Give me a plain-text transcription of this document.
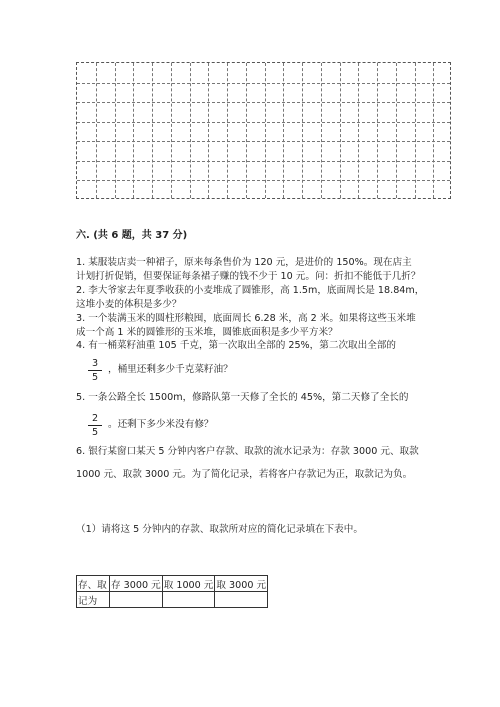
六. (共 6 题，共 37 分)
1. 某服装店卖一种裙子，原来每条售价为 120 元，是进价的 150%。现在店主
计划打折促销，但要保证每条裙子赚的钱不少于 10 元。问：折扣不能低于几折？
2. 李大爷家去年夏季收获的小麦堆成了圆锥形，高 1.5m，底面周长是 18.84m，
这堆小麦的体积是多少？
3. 一个装满玉米的圆柱形粮囤，底面周长 6.28 米，高 2 米。如果将这些玉米堆
成一个高 1 米的圆锥形的玉米堆，圆锥底面积是多少平方米？
4. 有一桶菜籽油重 105 千克，第一次取出全部的 25%，第二次取出全部的
3
5
，桶里还剩多少千克菜籽油？
5. 一条公路全长 1500m，修路队第一天修了全长的 45%，第二天修了全长的
2
5
。还剩下多少米没有修？
6. 银行某窗口某天 5 分钟内客户存款、取款的流水记录为：存款 3000 元、取款
1000 元、取款 3000 元。为了简化记录，若将客户存款记为正，取款记为负。
（1）请将这 5 分钟内的存款、取款所对应的简化记录填在下表中。
存、取	存 3000 元	取 1000 元	取 3000 元
记为			
